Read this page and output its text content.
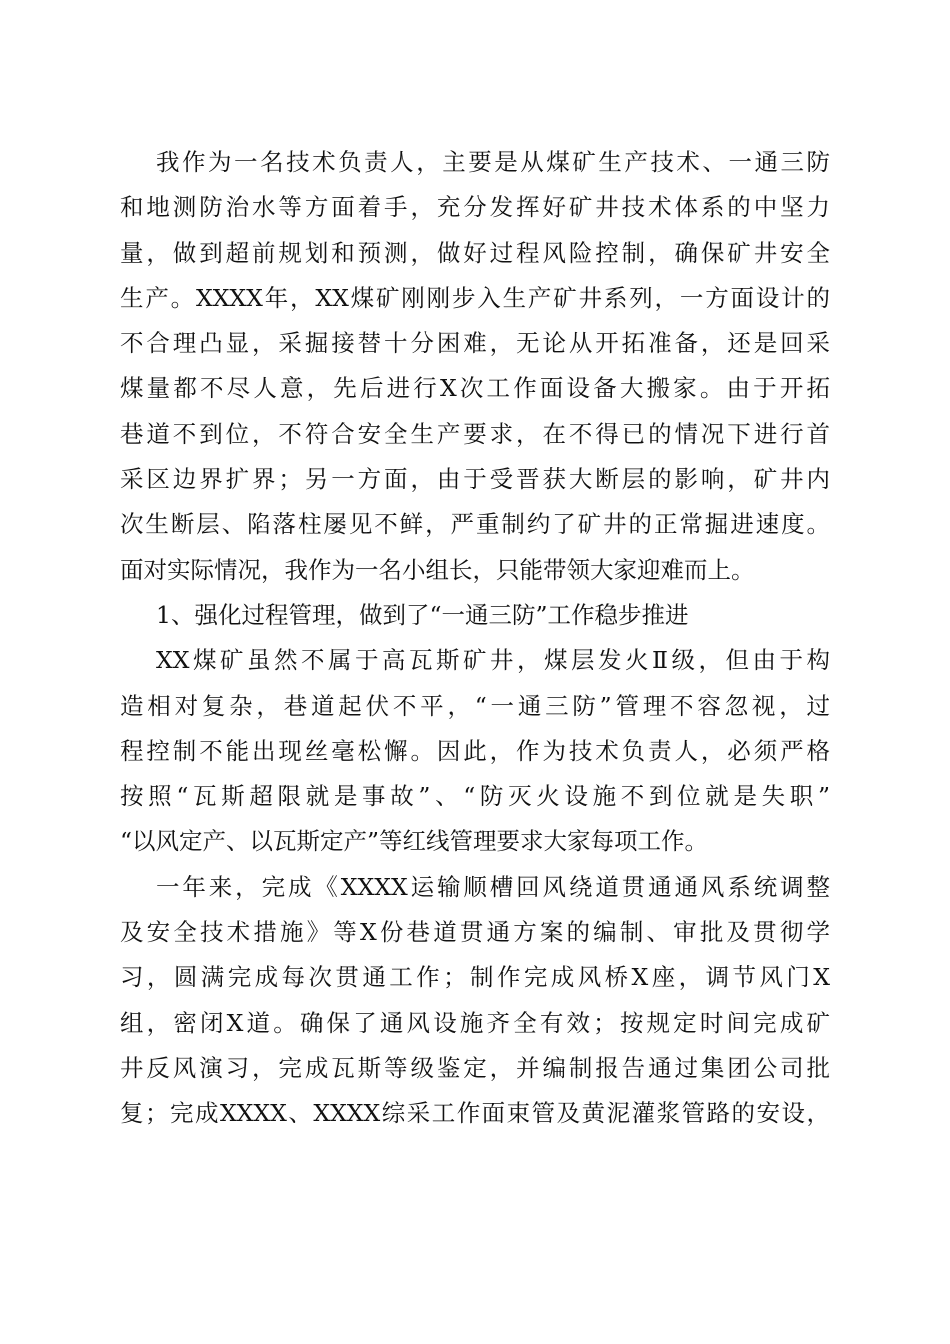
我作为一名技术负责人，主要是从煤矿生产技术、一通三防
和地测防治水等方面着手，充分发挥好矿井技术体系的中坚力
量，做到超前规划和预测，做好过程风险控制，确保矿井安全
生产。XXXX年，XX煤矿刚刚步入生产矿井系列，一方面设计的
不合理凸显，采掘接替十分困难，无论从开拓准备，还是回采
煤量都不尽人意，先后进行X次工作面设备大搬家。由于开拓
巷道不到位，不符合安全生产要求，在不得已的情况下进行首
采区边界扩界；另一方面，由于受晋获大断层的影响，矿井内
次生断层、陷落柱屡见不鲜，严重制约了矿井的正常掘进速度。
面对实际情况，我作为一名小组长，只能带领大家迎难而上。
1、强化过程管理，做到了“一通三防”工作稳步推进
XX煤矿虽然不属于高瓦斯矿井，煤层发火Ⅱ级，但由于构
造相对复杂，巷道起伏不平，“一通三防”管理不容忽视，过
程控制不能出现丝毫松懈。因此，作为技术负责人，必须严格
按照“瓦斯超限就是事故”、“防灭火设施不到位就是失职”
“以风定产、以瓦斯定产”等红线管理要求大家每项工作。
一年来，完成《XXXX运输顺槽回风绕道贯通通风系统调整
及安全技术措施》等X份巷道贯通方案的编制、审批及贯彻学
习，圆满完成每次贯通工作；制作完成风桥X座，调节风门X
组，密闭X道。确保了通风设施齐全有效；按规定时间完成矿
井反风演习，完成瓦斯等级鉴定，并编制报告通过集团公司批
复；完成XXXX、XXXX综采工作面束管及黄泥灌浆管路的安设，
